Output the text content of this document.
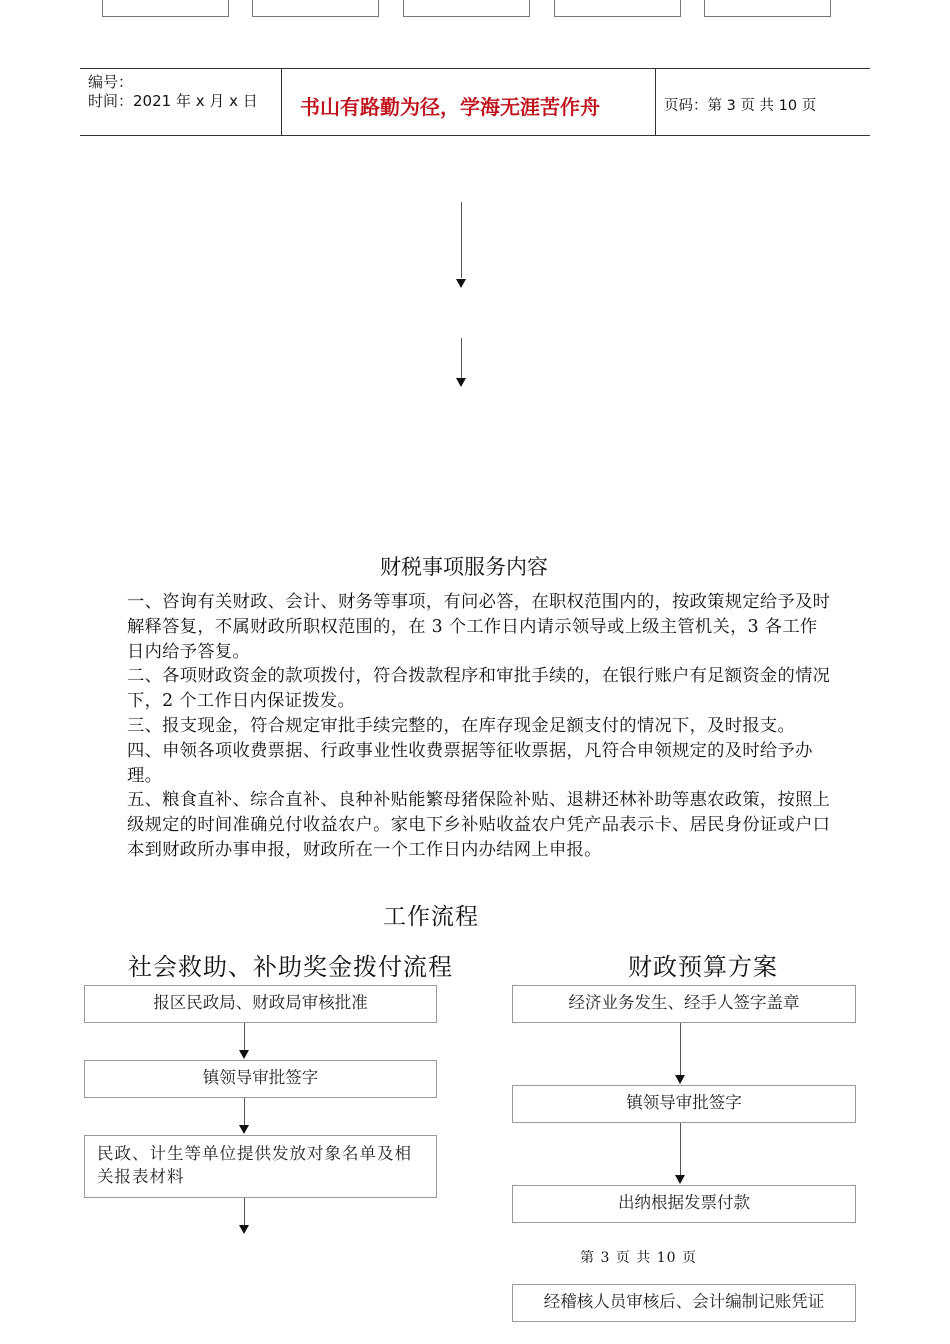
编号：
时间：2021 年 x 月 x 日 书山有路勤为径，学海无涯苦作舟	页码：第 3 页 共 10 页
财税事项服务内容

一、咨询有关财政、会计、财务等事项，有问必答，在职权范围内的，按政策规定给予及时解释答复，不属财政所职权范围的，在 3 个工作日内请示领导或上级主管机关，3 各工作日内给予答复。

二、各项财政资金的款项拨付，符合拨款程序和审批手续的，在银行账户有足额资金的情况下，2 个工作日内保证拨发。

三、报支现金，符合规定审批手续完整的，在库存现金足额支付的情况下，及时报支。

四、申领各项收费票据、行政事业性收费票据等征收票据，凡符合申领规定的及时给予办理。

五、粮食直补、综合直补、良种补贴能繁母猪保险补贴、退耕还林补助等惠农政策，按照上级规定的时间准确兑付收益农户。家电下乡补贴收益农户凭产品表示卡、居民身份证或户口本到财政所办事申报，财政所在一个工作日内办结网上申报。

工作流程
社会救助、补助奖金拨付流程
报区民政局、财政局审核批准
镇领导审批签字
民政、计生等单位提供发放对象名单及相关报表材料
财政预算方案
经济业务发生、经手人签字盖章
镇领导审批签字
出纳根据发票付款
第 3 页 共 10 页
经稽核人员审核后、会计编制记账凭证
